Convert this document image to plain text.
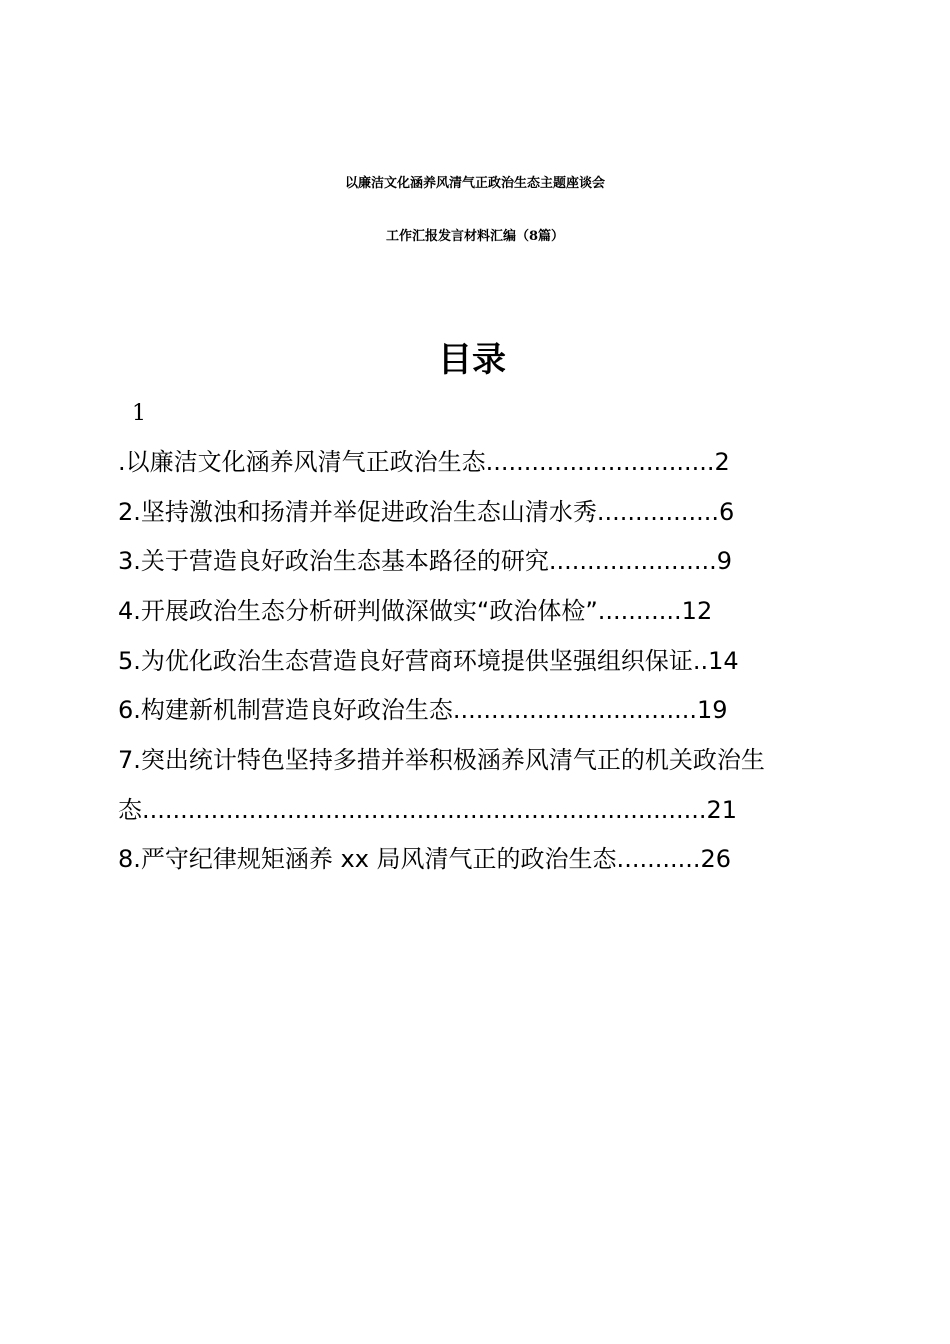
以廉洁文化涵养风清气正政治生态主题座谈会
工作汇报发言材料汇编（8篇）
目录
1
.以廉洁文化涵养风清气正政治生态..............................2
2.坚持激浊和扬清并举促进政治生态山清水秀................6
3.关于营造良好政治生态基本路径的研究......................9
4.开展政治生态分析研判做深做实“政治体检”...........12
5.为优化政治生态营造良好营商环境提供坚强组织保证..14
6.构建新机制营造良好政治生态................................19
7.突出统计特色坚持多措并举积极涵养风清气正的机关政治生
态..........................................................................21
8.严守纪律规矩涵养 xx 局风清气正的政治生态...........26
